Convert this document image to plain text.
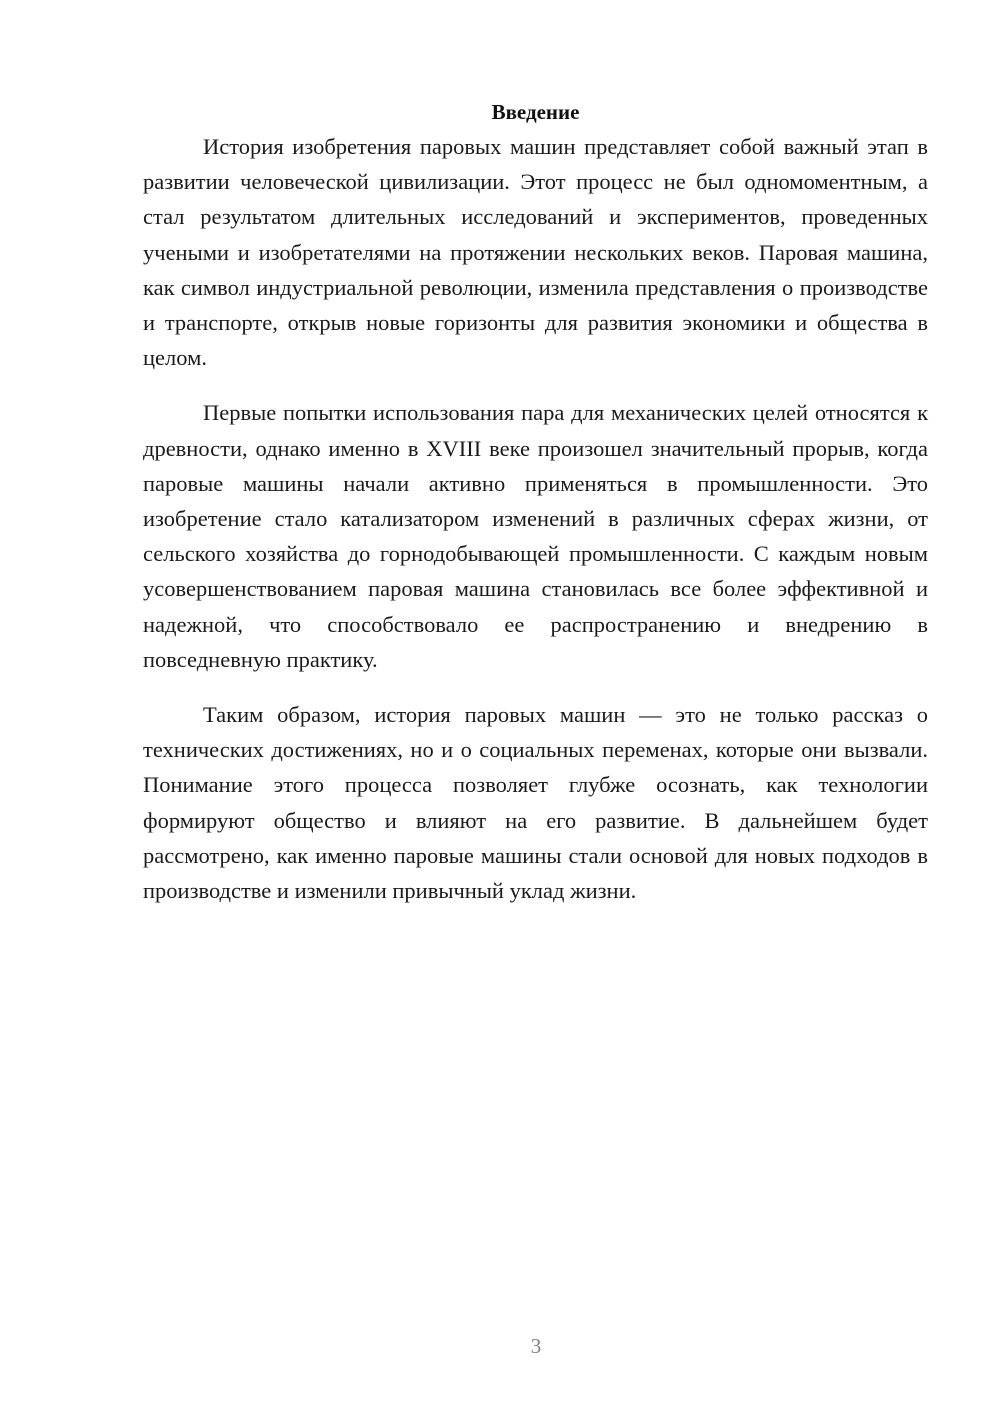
Введение

История изобретения паровых машин представляет собой важный этап в развитии человеческой цивилизации. Этот процесс не был одномоментным, а стал результатом длительных исследований и экспериментов, проведенных учеными и изобретателями на протяжении нескольких веков. Паровая машина, как символ индустриальной революции, изменила представления о производстве и транспорте, открыв новые горизонты для развития экономики и общества в целом.

Первые попытки использования пара для механических целей относятся к древности, однако именно в XVIII веке произошел значительный прорыв, когда паровые машины начали активно применяться в промышленности. Это изобретение стало катализатором изменений в различных сферах жизни, от сельского хозяйства до горнодобывающей промышленности. С каждым новым усовершенствованием паровая машина становилась все более эффективной и надежной, что способствовало ее распространению и внедрению в повседневную практику.

Таким образом, история паровых машин — это не только рассказ о технических достижениях, но и о социальных переменах, которые они вызвали. Понимание этого процесса позволяет глубже осознать, как технологии формируют общество и влияют на его развитие. В дальнейшем будет рассмотрено, как именно паровые машины стали основой для новых подходов в производстве и изменили привычный уклад жизни.

3
